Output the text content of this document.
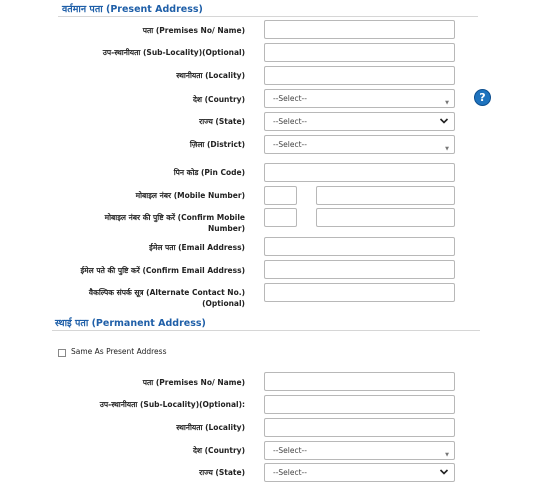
वर्तमान पता (Present Address)
पता (Premises No/ Name)
उप-स्थानीयता (Sub-Locality)(Optional)
स्थानीयता (Locality)
देश (Country)	--Select--	▼	?
राज्य (State)	--Select--
ज़िला (District)	--Select--	▼
पिन कोड (Pin Code)
मोबाइल नंबर (Mobile Number)
मोबाइल नंबर की पुष्टि करें (Confirm Mobile
Number)
ईमेल पता (Email Address)
ईमेल पते की पुष्टि करें (Confirm Email Address)
वैकल्पिक संपर्क सूत्र (Alternate Contact No.)
(Optional)
स्थाई पता (Permanent Address)
Same As Present Address
पता (Premises No/ Name)
उप-स्थानीयता (Sub-Locality)(Optional):
स्थानीयता (Locality)
देश (Country)	--Select--	▼
राज्य (State)	--Select--
